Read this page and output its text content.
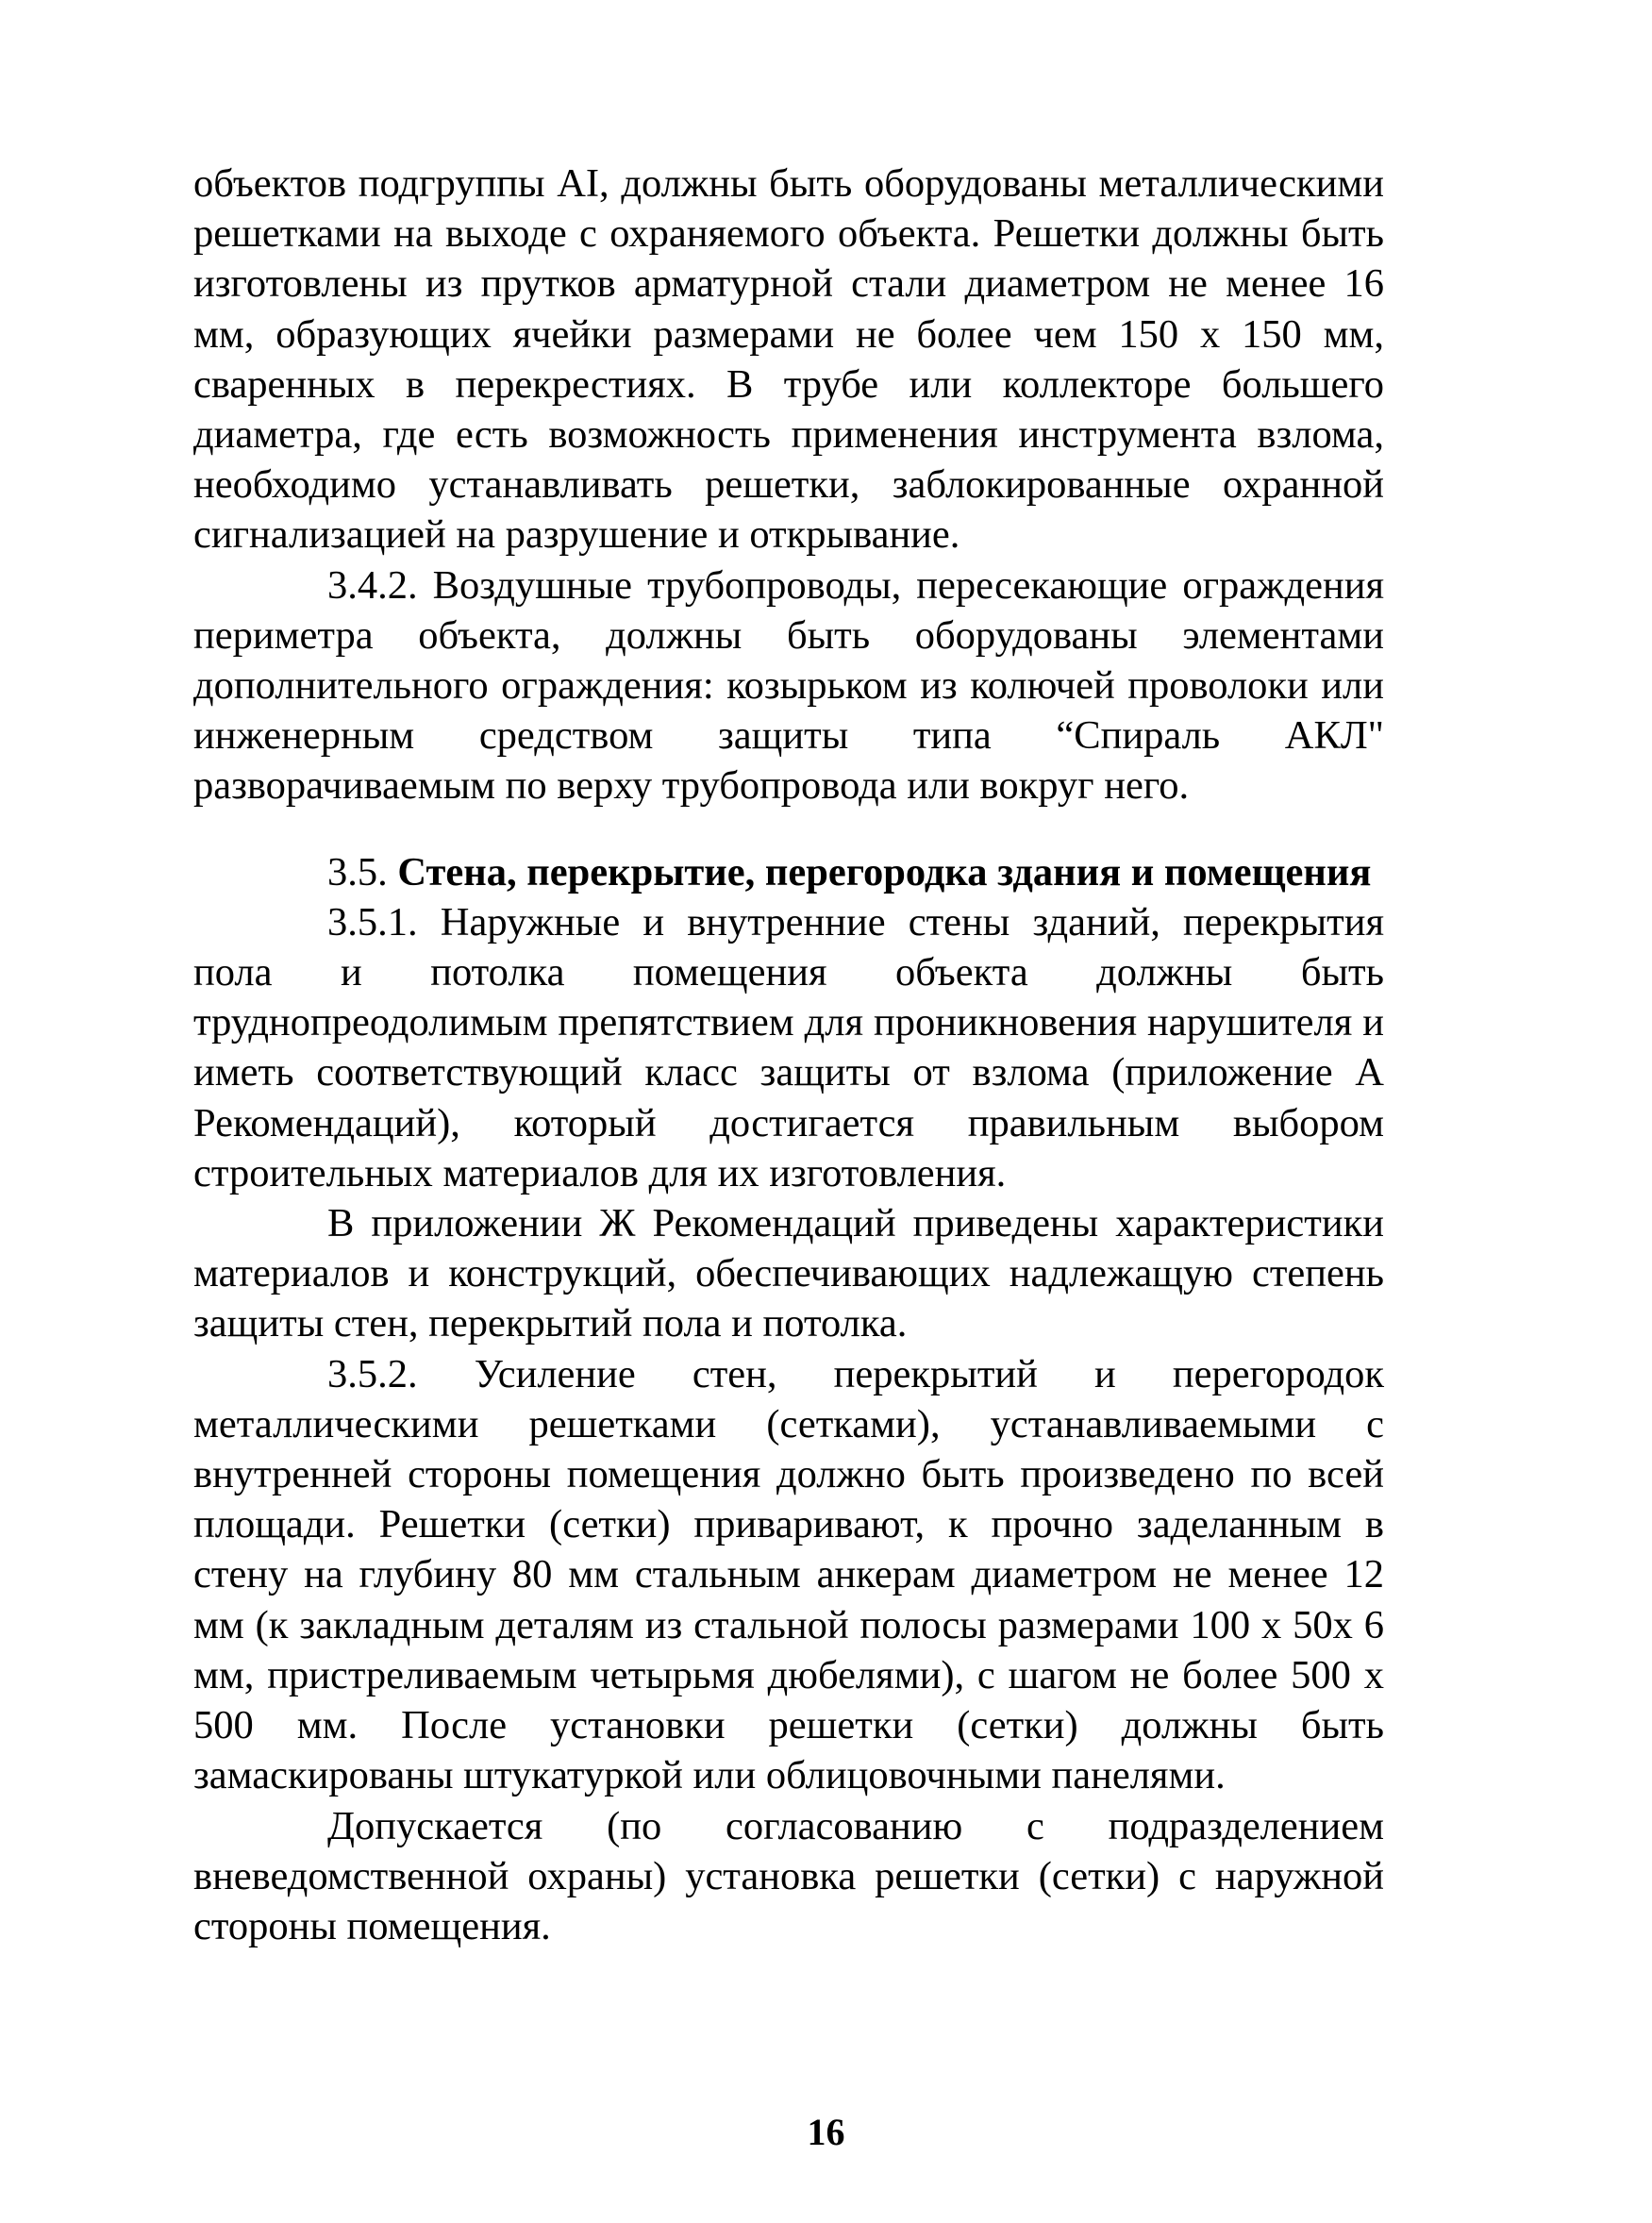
объектов подгруппы AI, должны быть оборудованы металлическими решетками на выходе с охраняемого объекта. Решетки должны быть изготовлены из прутков арматурной стали диаметром не менее 16 мм, образующих ячейки размерами не более чем 150 х 150 мм, сваренных в перекрестиях. В трубе или коллекторе большего диаметра, где есть возможность применения инструмента взлома, необходимо устанавливать решетки, заблокированные охранной сигнализацией на разрушение и открывание.

3.4.2. Воздушные трубопроводы, пересекающие ограждения периметра объекта, должны быть оборудованы элементами дополнительного ограждения: козырьком из колючей проволоки или инженерным средством защиты типа “Спираль АКЛ" разворачиваемым по верху трубопровода или вокруг него.

3.5. Стена, перекрытие, перегородка здания и помещения

3.5.1. Наружные и внутренние стены зданий, перекрытия пола и потолка помещения объекта должны быть труднопреодолимым препятствием для проникновения нарушителя и иметь соответствующий класс защиты от взлома (приложение А Рекомендаций), который достигается правильным выбором строительных материалов для их изготовления.

В приложении Ж Рекомендаций приведены характеристики материалов и конструкций, обеспечивающих надлежащую степень защиты стен, перекрытий пола и потолка.

3.5.2. Усиление стен, перекрытий и перегородок металлическими решетками (сетками), устанавливаемыми с внутренней стороны помещения должно быть произведено по всей площади. Решетки (сетки) приваривают, к прочно заделанным в стену на глубину 80 мм стальным анкерам диаметром не менее 12 мм (к закладным деталям из стальной полосы размерами 100 х 50х 6 мм, пристреливаемым четырьмя дюбелями), с шагом не более 500 х 500 мм. После установки решетки (сетки) должны быть замаскированы штукатуркой или облицовочными панелями.

Допускается (по согласованию с подразделением вневедомственной охраны) установка решетки (сетки) с наружной стороны помещения.

16
